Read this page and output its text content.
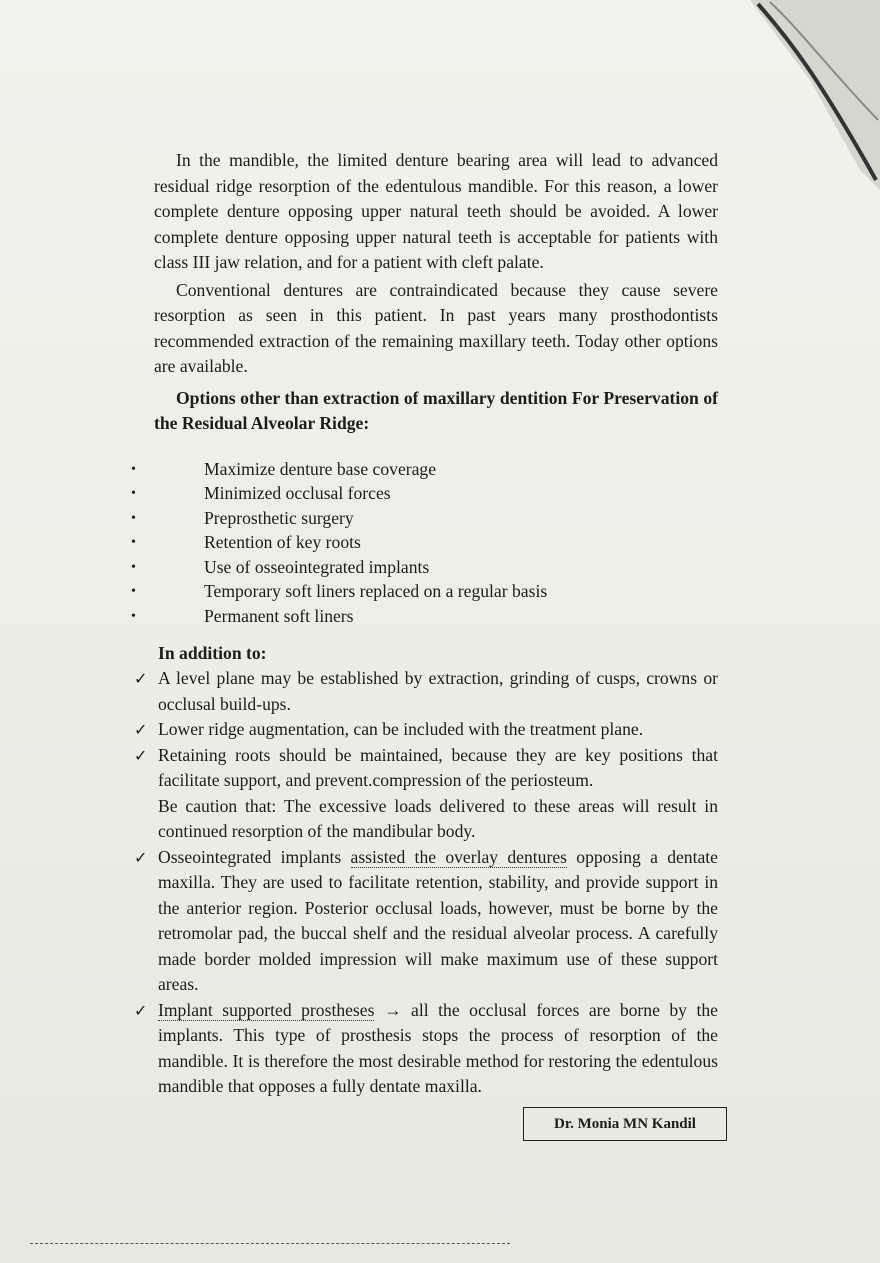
In the mandible, the limited denture bearing area will lead to advanced residual ridge resorption of the edentulous mandible. For this reason, a lower complete denture opposing upper natural teeth should be avoided. A lower complete denture opposing upper natural teeth is acceptable for patients with class III jaw relation, and for a patient with cleft palate.

Conventional dentures are contraindicated because they cause severe resorption as seen in this patient. In past years many prosthodontists recommended extraction of the remaining maxillary teeth. Today other options are available.

Options other than extraction of maxillary dentition For Preservation of the Residual Alveolar Ridge:

•	Maximize denture base coverage
•	Minimized occlusal forces
•	Preprosthetic surgery
•	Retention of key roots
•	Use of osseointegrated implants
•	Temporary soft liners replaced on a regular basis
•	Permanent soft liners

In addition to:

✓ A level plane may be established by extraction, grinding of cusps, crowns or occlusal build-ups.
✓ Lower ridge augmentation, can be included with the treatment plane.
✓ Retaining roots should be maintained, because they are key positions that facilitate support, and prevent.compression of the periosteum.
Be caution that: The excessive loads delivered to these areas will result in continued resorption of the mandibular body.
✓ Osseointegrated implants assisted the overlay dentures opposing a dentate maxilla. They are used to facilitate retention, stability, and provide support in the anterior region. Posterior occlusal loads, however, must be borne by the retromolar pad, the buccal shelf and the residual alveolar process. A carefully made border molded impression will make maximum use of these support areas.
✓ Implant supported prostheses → all the occlusal forces are borne by the implants. This type of prosthesis stops the process of resorption of the mandible. It is therefore the most desirable method for restoring the edentulous mandible that opposes a fully dentate maxilla.
Dr. Monia MN Kandil
